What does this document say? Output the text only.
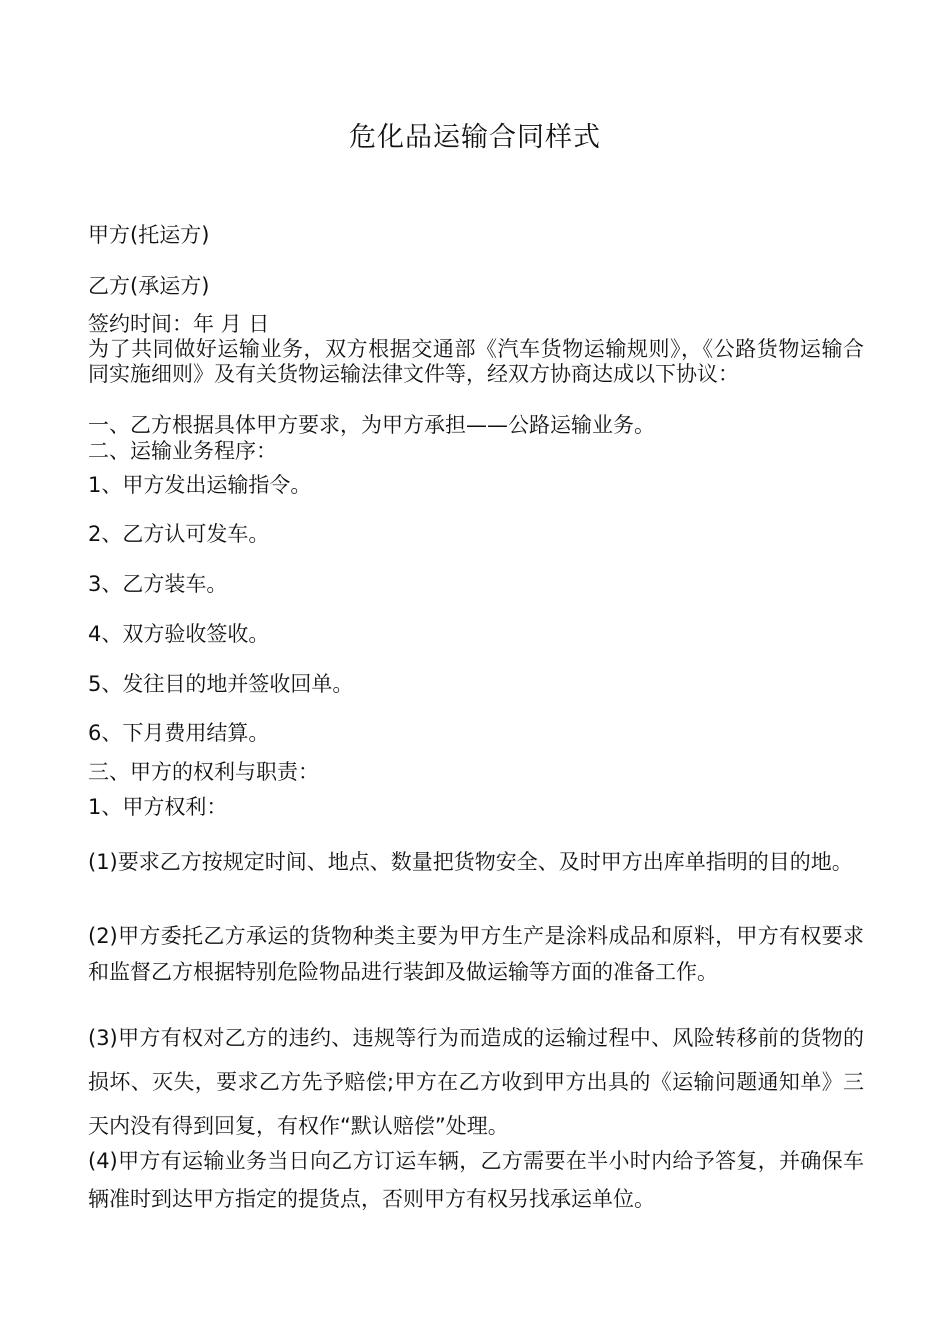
危化品运输合同样式

甲方(托运方)

乙方(承运方)

签约时间：年 月 日

为了共同做好运输业务，双方根据交通部《汽车货物运输规则》，《公路货物运输合同实施细则》及有关货物运输法律文件等，经双方协商达成以下协议：

一、乙方根据具体甲方要求，为甲方承担——公路运输业务。

二、运输业务程序：

1、甲方发出运输指令。

2、乙方认可发车。

3、乙方装车。

4、双方验收签收。

5、发往目的地并签收回单。

6、下月费用结算。

三、甲方的权利与职责：

1、甲方权利：

(1)要求乙方按规定时间、地点、数量把货物安全、及时甲方出库单指明的目的地。

(2)甲方委托乙方承运的货物种类主要为甲方生产是涂料成品和原料，甲方有权要求和监督乙方根据特别危险物品进行装卸及做运输等方面的准备工作。

(3)甲方有权对乙方的违约、违规等行为而造成的运输过程中、风险转移前的货物的损坏、灭失，要求乙方先予赔偿;甲方在乙方收到甲方出具的《运输问题通知单》三天内没有得到回复，有权作“默认赔偿”处理。

(4)甲方有运输业务当日向乙方订运车辆，乙方需要在半小时内给予答复，并确保车辆准时到达甲方指定的提货点，否则甲方有权另找承运单位。
